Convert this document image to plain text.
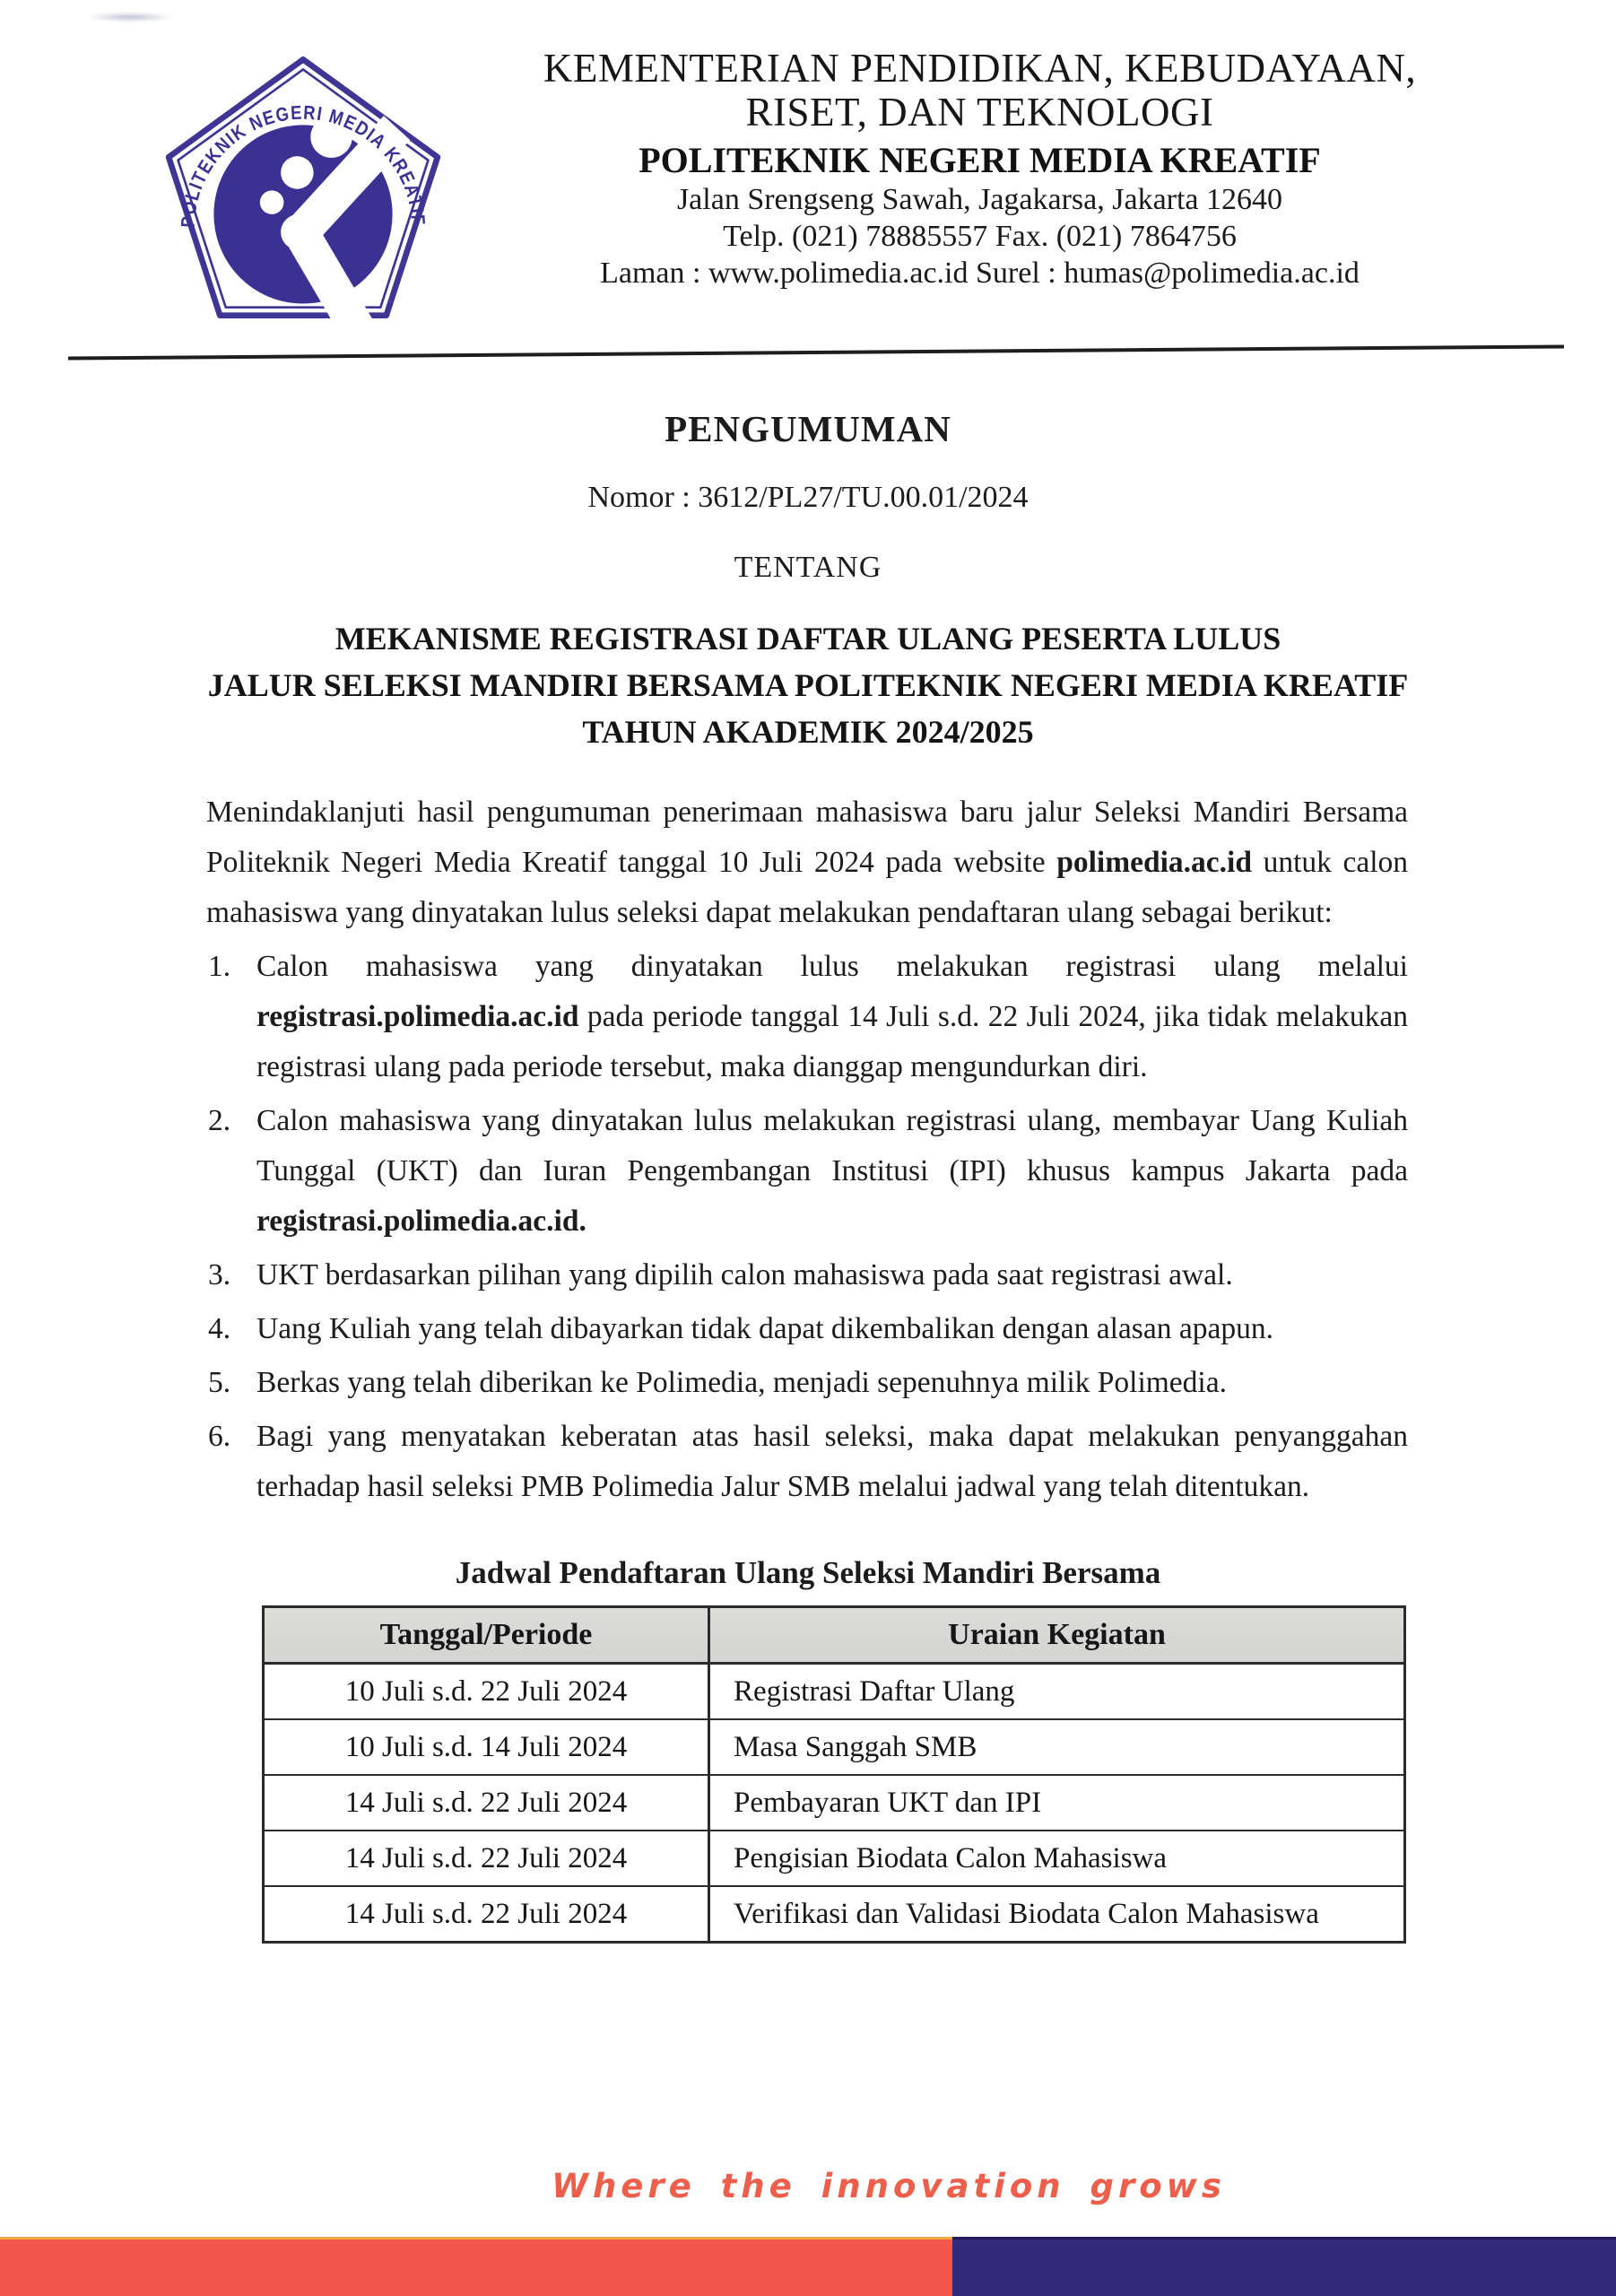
POLITEKNIK NEGERI MEDIA KREATIF
KEMENTERIAN PENDIDIKAN, KEBUDAYAAN,
RISET, DAN TEKNOLOGI
POLITEKNIK NEGERI MEDIA KREATIF
Jalan Srengseng Sawah, Jagakarsa, Jakarta 12640
Telp. (021) 78885557 Fax. (021) 7864756
Laman : www.polimedia.ac.id Surel : humas@polimedia.ac.id
PENGUMUMAN
Nomor : 3612/PL27/TU.00.01/2024
TENTANG
MEKANISME REGISTRASI DAFTAR ULANG PESERTA LULUS
JALUR SELEKSI MANDIRI BERSAMA POLITEKNIK NEGERI MEDIA KREATIF
TAHUN AKADEMIK 2024/2025

Menindaklanjuti hasil pengumuman penerimaan mahasiswa baru jalur Seleksi Mandiri Bersama Politeknik Negeri Media Kreatif tanggal 10 Juli 2024 pada website polimedia.ac.id untuk calon mahasiswa yang dinyatakan lulus seleksi dapat melakukan pendaftaran ulang sebagai berikut:

1. Calon mahasiswa yang dinyatakan lulus melakukan registrasi ulang melalui registrasi.polimedia.ac.id pada periode tanggal 14 Juli s.d. 22 Juli 2024, jika tidak melakukan registrasi ulang pada periode tersebut, maka dianggap mengundurkan diri.
2. Calon mahasiswa yang dinyatakan lulus melakukan registrasi ulang, membayar Uang Kuliah Tunggal (UKT) dan Iuran Pengembangan Institusi (IPI) khusus kampus Jakarta pada registrasi.polimedia.ac.id.
3. UKT berdasarkan pilihan yang dipilih calon mahasiswa pada saat registrasi awal.
4. Uang Kuliah yang telah dibayarkan tidak dapat dikembalikan dengan alasan apapun.
5. Berkas yang telah diberikan ke Polimedia, menjadi sepenuhnya milik Polimedia.
6. Bagi yang menyatakan keberatan atas hasil seleksi, maka dapat melakukan penyanggahan terhadap hasil seleksi PMB Polimedia Jalur SMB melalui jadwal yang telah ditentukan.
Jadwal Pendaftaran Ulang Seleksi Mandiri Bersama
Tanggal/Periode	Uraian Kegiatan
10 Juli s.d. 22 Juli 2024	Registrasi Daftar Ulang
10 Juli s.d. 14 Juli 2024	Masa Sanggah SMB
14 Juli s.d. 22 Juli 2024	Pembayaran UKT dan IPI
14 Juli s.d. 22 Juli 2024	Pengisian Biodata Calon Mahasiswa
14 Juli s.d. 22 Juli 2024	Verifikasi dan Validasi Biodata Calon Mahasiswa
Where the innovation grows
